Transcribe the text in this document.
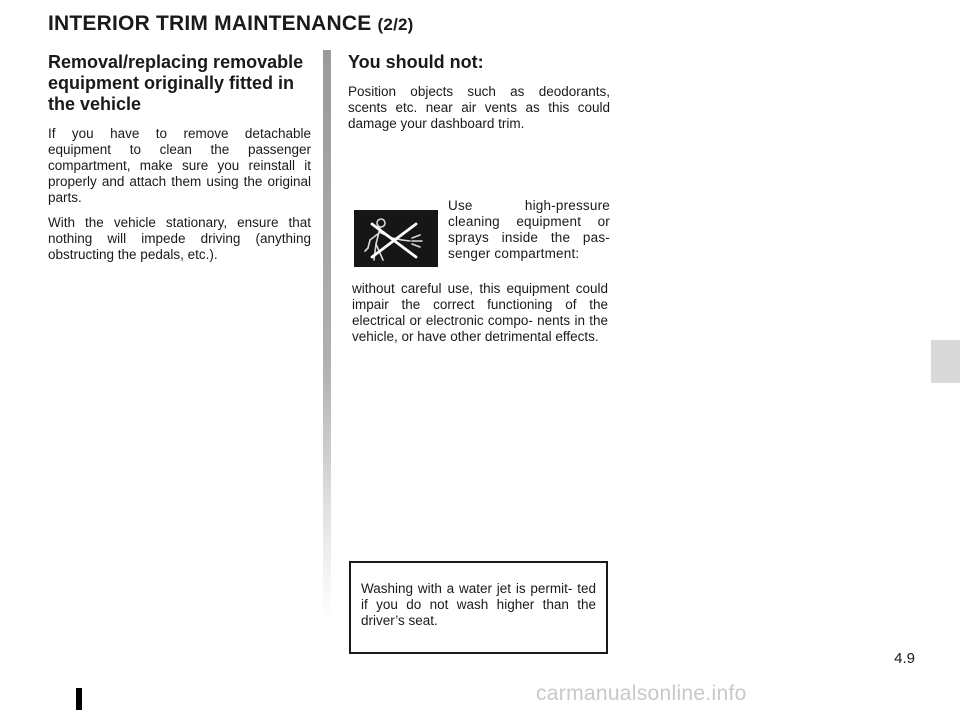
INTERIOR TRIM MAINTENANCE (2/2)
Removal/replacing removable equipment originally fitted in the vehicle
If you have to remove detachable equipment to clean the passenger compartment, make sure you reinstall it properly and attach them using the original parts.
With the vehicle stationary, ensure that nothing will impede driving (anything obstructing the pedals, etc.).
You should not:
Position objects such as deodorants, scents etc. near air vents as this could damage your dashboard trim.
Use high-pressure cleaning equipment or sprays inside the pas- senger compartment:
without careful use, this equipment could impair the correct functioning of the electrical or electronic compo- nents in the vehicle, or have other detrimental effects.
Washing with a water jet is permit- ted if you do not wash higher than the driver’s seat.
4.9
carmanualsonline.info
